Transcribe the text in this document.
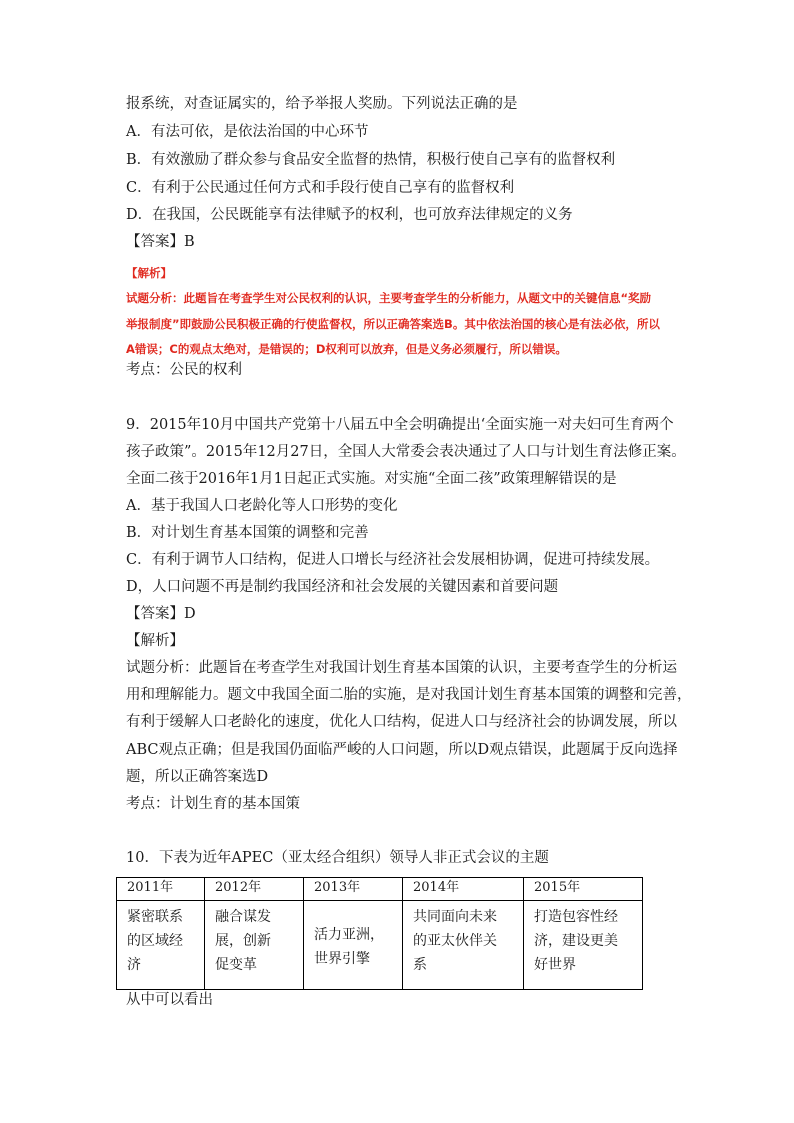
报系统，对查证属实的，给予举报人奖励。下列说法正确的是
A．有法可依，是依法治国的中心环节
B．有效激励了群众参与食品安全监督的热情，积极行使自己享有的监督权利
C．有利于公民通过任何方式和手段行使自己享有的监督权利
D．在我国，公民既能享有法律赋予的权利，也可放弃法律规定的义务
【答案】B
【解析】
试题分析：此题旨在考查学生对公民权利的认识，主要考查学生的分析能力，从题文中的关键信息“奖励
举报制度”即鼓励公民积极正确的行使监督权，所以正确答案选B。其中依法治国的核心是有法必依，所以
A错误；C的观点太绝对，是错误的；D权利可以放弃，但是义务必须履行，所以错误。
考点：公民的权利
9．2015年10月中国共产党第十八届五中全会明确提出‘全面实施一对夫妇可生育两个
孩子政策”。2015年12月27日，全国人大常委会表决通过了人口与计划生育法修正案。
全面二孩于2016年1月1日起正式实施。对实施“全面二孩”政策理解错误的是
A．基于我国人口老龄化等人口形势的变化
B．对计划生育基本国策的调整和完善
C．有利于调节人口结构，促进人口增长与经济社会发展相协调，促进可持续发展。
D，人口问题不再是制约我国经济和社会发展的关键因素和首要问题
【答案】D
【解析】
试题分析：此题旨在考查学生对我国计划生育基本国策的认识，主要考查学生的分析运
用和理解能力。题文中我国全面二胎的实施，是对我国计划生育基本国策的调整和完善，
有利于缓解人口老龄化的速度，优化人口结构，促进人口与经济社会的协调发展，所以
ABC观点正确；但是我国仍面临严峻的人口问题，所以D观点错误，此题属于反向选择
题，所以正确答案选D
考点：计划生育的基本国策
10．下表为近年APEC（亚太经合组织）领导人非正式会议的主题
2011年	2012年	2013年	2014年	2015年

紧密联系
的区域经
济	融合谋发
展，创新
促变革	活力亚洲，
世界引擎	共同面向未来
的亚太伙伴关
系	打造包容性经
济，建设更美
好世界
从中可以看出
